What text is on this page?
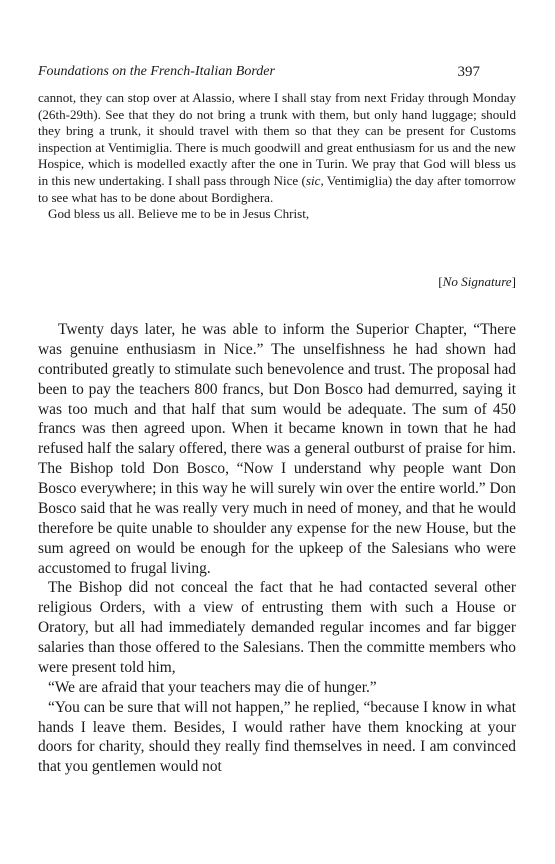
Foundations on the French-Italian Border	397

cannot, they can stop over at Alassio, where I shall stay from next Friday through Monday (26th-29th). See that they do not bring a trunk with them, but only hand luggage; should they bring a trunk, it should travel with them so that they can be present for Customs inspection at Ventimiglia. There is much goodwill and great enthusiasm for us and the new Hospice, which is modelled exactly after the one in Turin. We pray that God will bless us in this new undertaking. I shall pass through Nice (sic, Ventimiglia) the day after tomorrow to see what has to be done about Bordighera.

God bless us all. Believe me to be in Jesus Christ,

[No Signature]

Twenty days later, he was able to inform the Superior Chapter, “There was genuine enthusiasm in Nice.” The unselfishness he had shown had contributed greatly to stimulate such benevolence and trust. The proposal had been to pay the teachers 800 francs, but Don Bosco had demurred, saying it was too much and that half that sum would be adequate. The sum of 450 francs was then agreed upon. When it became known in town that he had refused half the salary offered, there was a general outburst of praise for him. The Bishop told Don Bosco, “Now I understand why people want Don Bosco everywhere; in this way he will surely win over the entire world.” Don Bosco said that he was really very much in need of money, and that he would therefore be quite unable to shoulder any expense for the new House, but the sum agreed on would be enough for the upkeep of the Salesians who were accustomed to frugal living.

The Bishop did not conceal the fact that he had contacted several other religious Orders, with a view of entrusting them with such a House or Oratory, but all had immediately demanded regular incomes and far bigger salaries than those offered to the Salesians. Then the committe members who were present told him,

“We are afraid that your teachers may die of hunger.”

“You can be sure that will not happen,” he replied, “because I know in what hands I leave them. Besides, I would rather have them knocking at your doors for charity, should they really find themselves in need. I am convinced that you gentlemen would not
